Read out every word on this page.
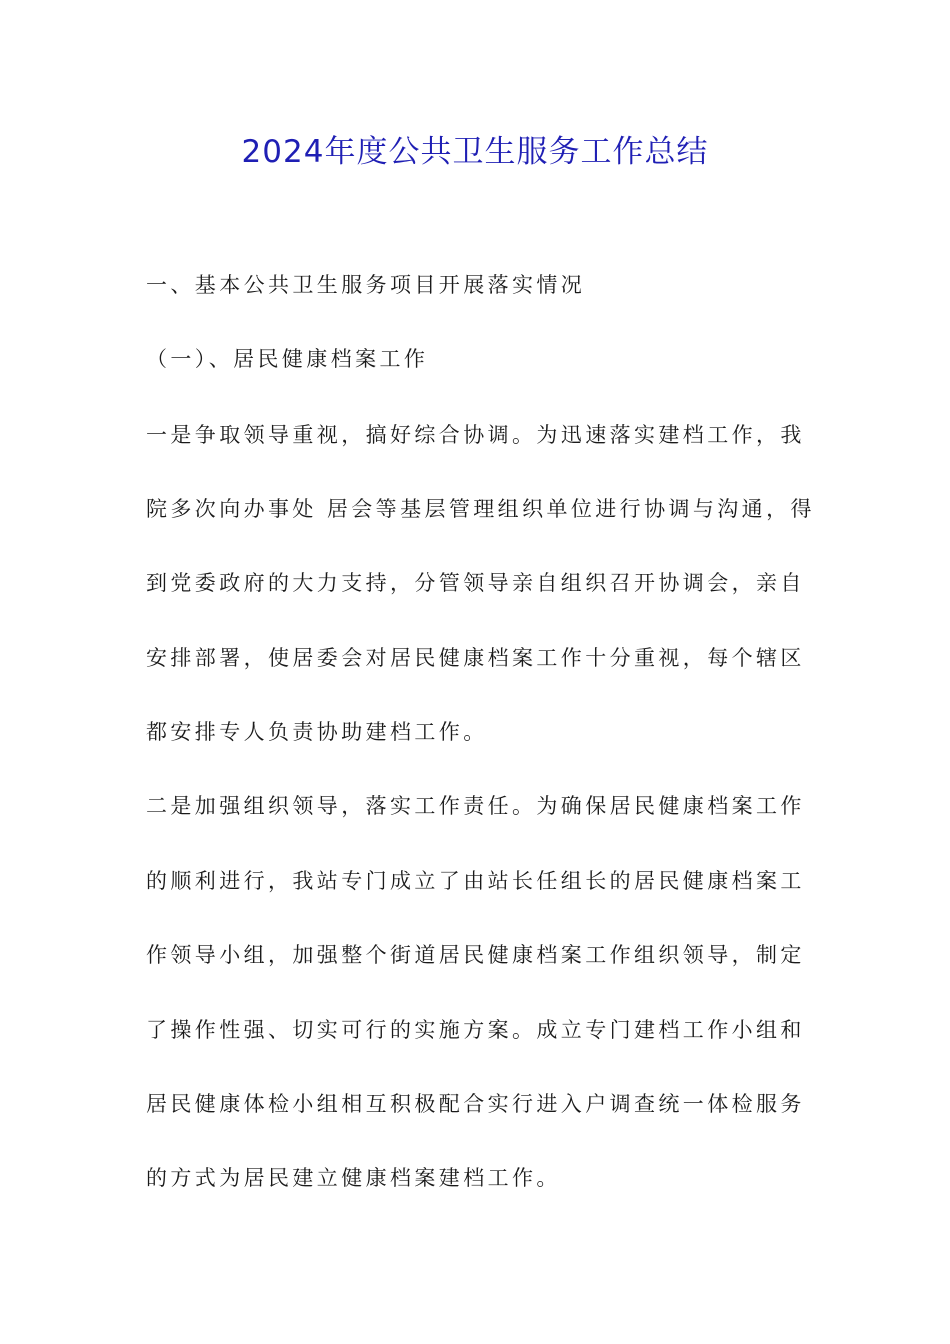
2024年度公共卫生服务工作总结
一、基本公共卫生服务项目开展落实情况
（一）、居民健康档案工作
一是争取领导重视，搞好综合协调。为迅速落实建档工作，我
院多次向办事处 居会等基层管理组织单位进行协调与沟通，得
到党委政府的大力支持，分管领导亲自组织召开协调会，亲自
安排部署，使居委会对居民健康档案工作十分重视，每个辖区
都安排专人负责协助建档工作。
二是加强组织领导，落实工作责任。为确保居民健康档案工作
的顺利进行，我站专门成立了由站长任组长的居民健康档案工
作领导小组，加强整个街道居民健康档案工作组织领导，制定
了操作性强、切实可行的实施方案。成立专门建档工作小组和
居民健康体检小组相互积极配合实行进入户调查统一体检服务
的方式为居民建立健康档案建档工作。
